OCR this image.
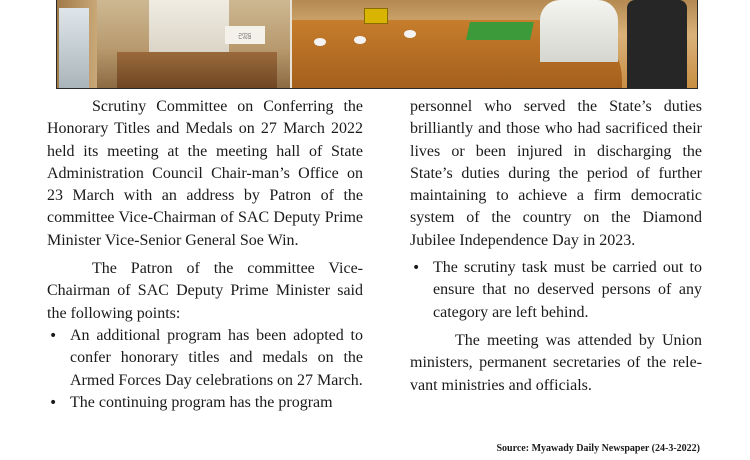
ဥက္ကဋ္ဌ

Scrutiny Committee on Conferring the Honorary Titles and Medals on 27 March 2022 held its meeting at the meeting hall of State Administration Council Chair-man’s Office on 23 March with an address by Patron of the committee Vice-Chairman of SAC Deputy Prime Minister Vice-Senior General Soe Win.

The Patron of the committee Vice-Chairman of SAC Deputy Prime Minister said the following points:

• An additional program has been adopted to confer honorary titles and medals on the Armed Forces Day celebrations on 27 March.

• The continuing program has the program

personnel who served the State’s duties brilliantly and those who had sacrificed their lives or been injured in discharging the State’s duties during the period of further maintaining to achieve a firm democratic system of the country on the Diamond Jubilee Independence Day in 2023.

• The scrutiny task must be carried out to ensure that no deserved persons of any category are left behind.

The meeting was attended by Union ministers, permanent secretaries of the rele-vant ministries and officials.

Source: Myawady Daily Newspaper (24-3-2022)
